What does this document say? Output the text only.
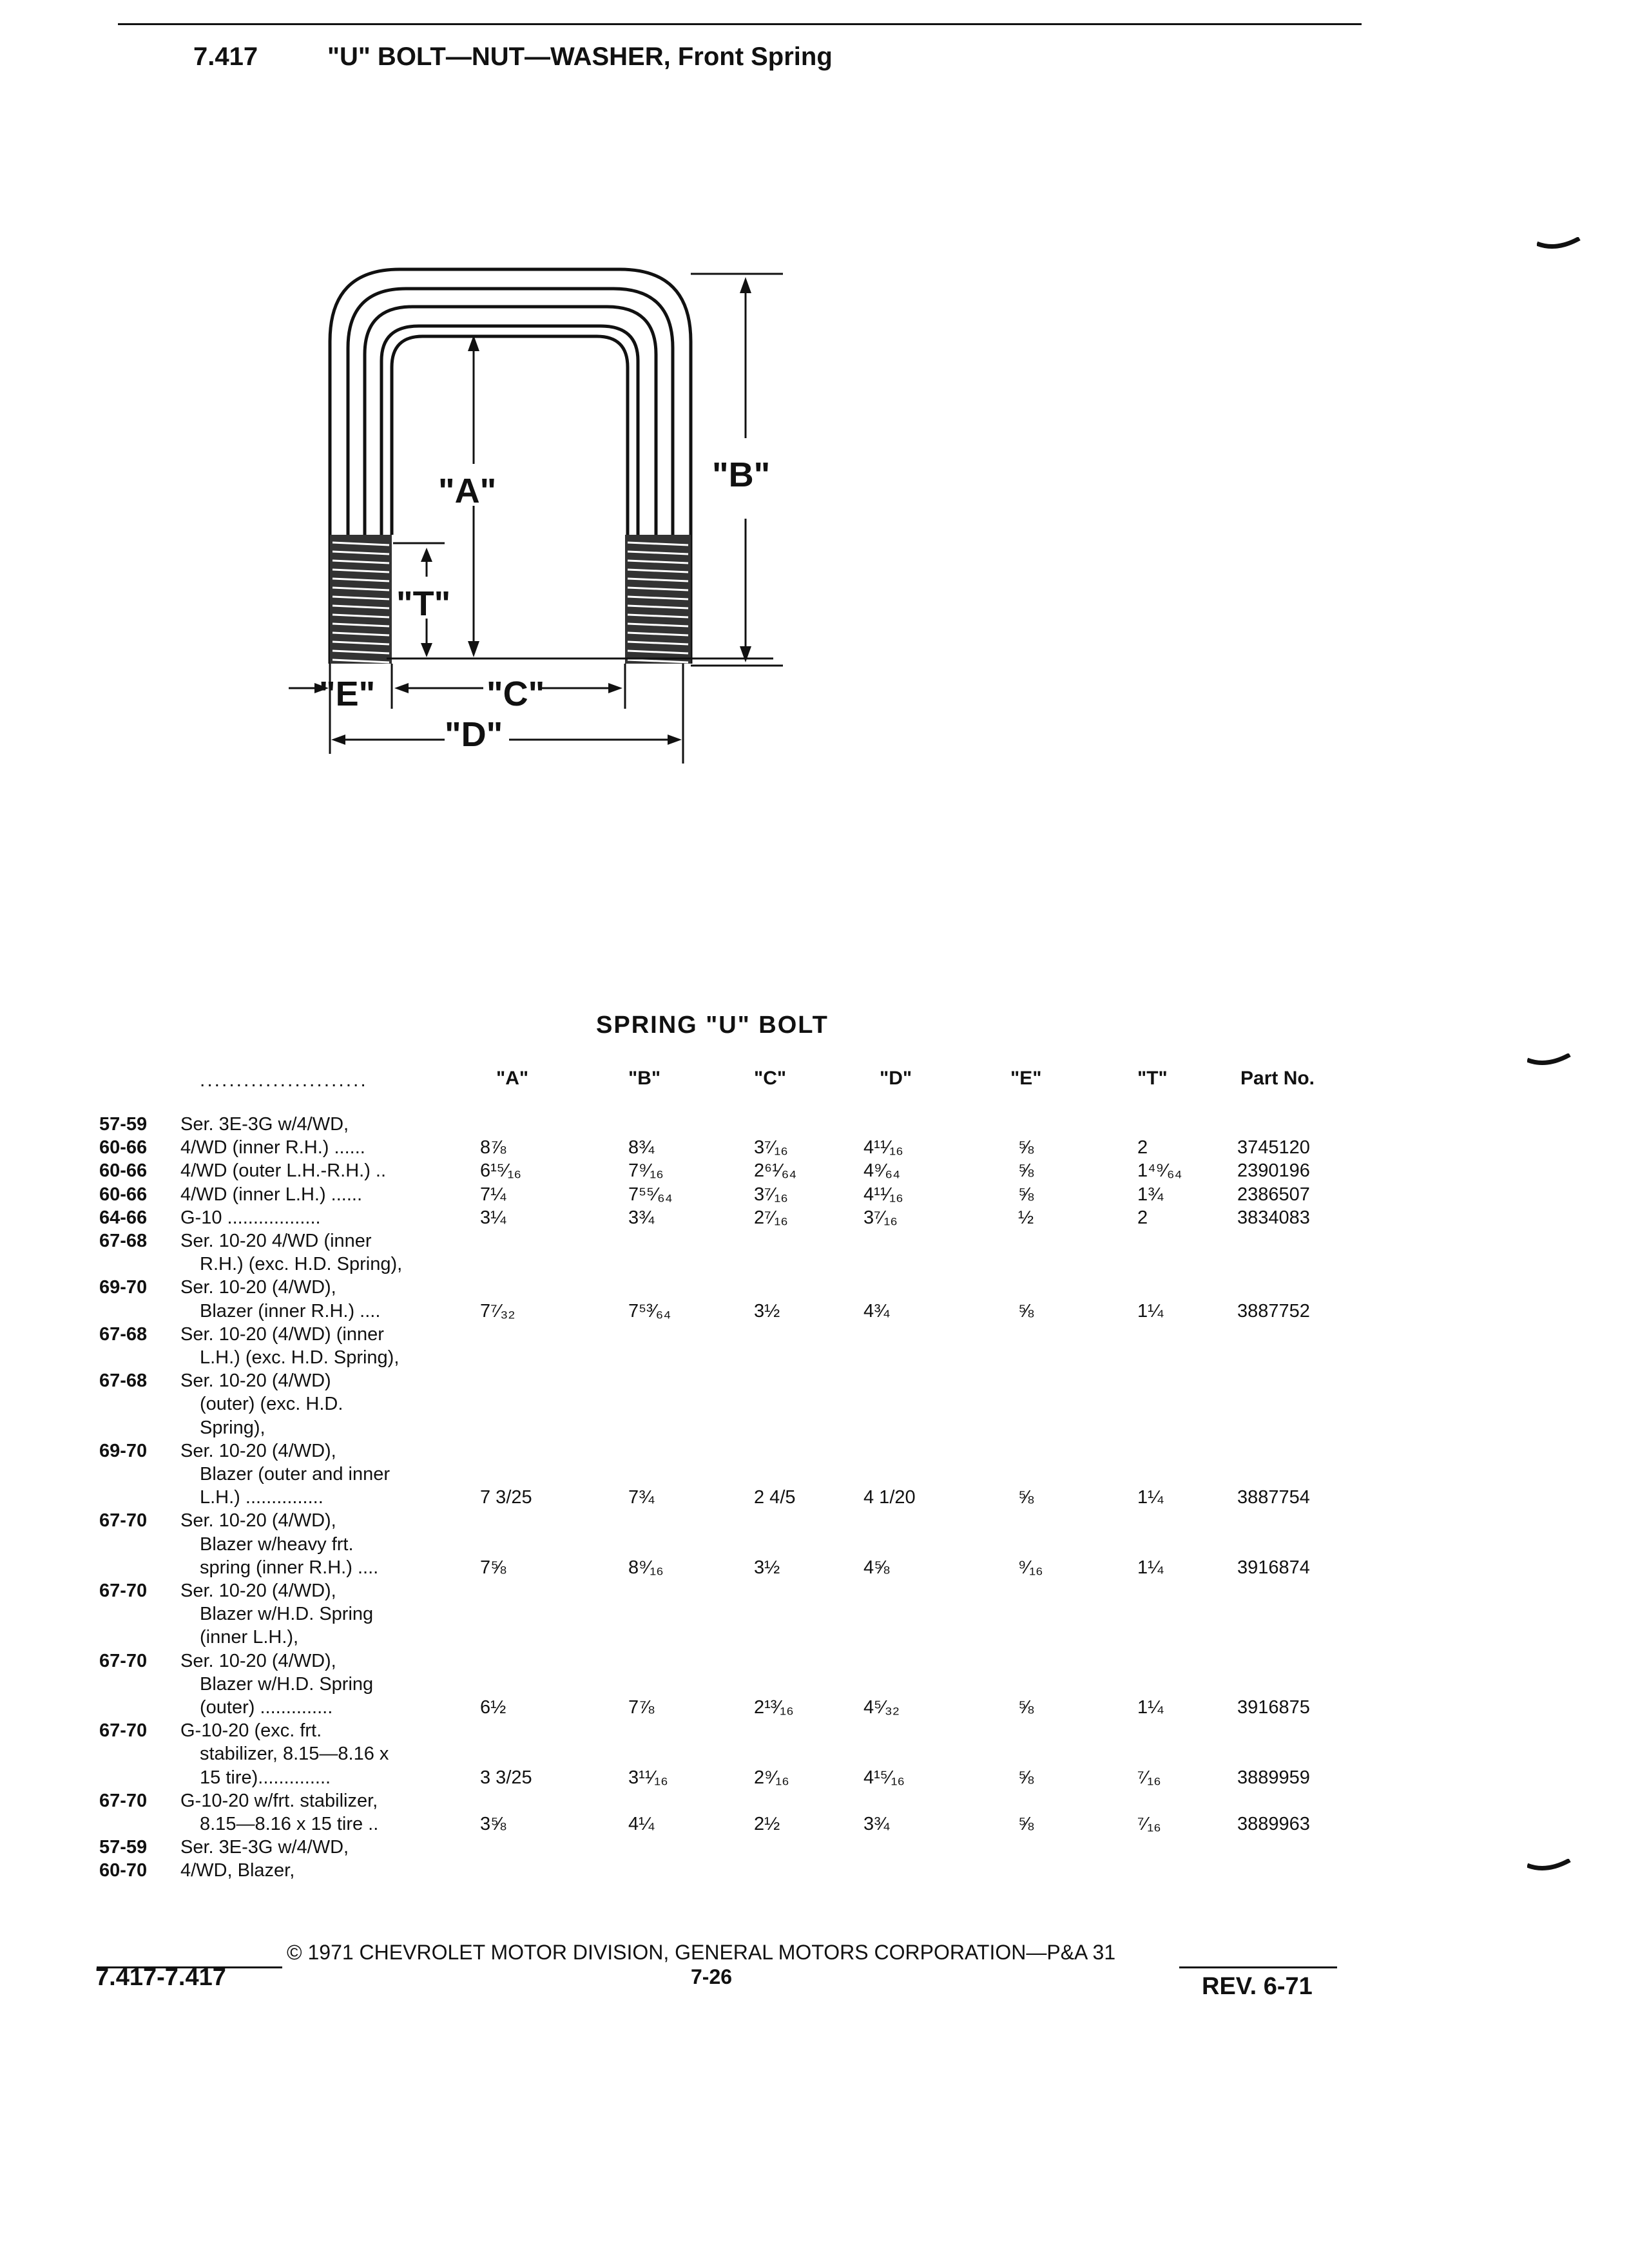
7.417	"U" BOLT—NUT—WASHER, Front Spring
"A"	"B"
"T"
"E"	"C"
"D"
SPRING "U" BOLT
.......................	"A"	"B"	"C"	"D"	"E"	"T"	Part No.
57-59 Ser. 3E-3G w/4/WD,
60-66 4/WD (inner R.H.) ......	8⅞	8¾	3⁷⁄₁₆	4¹¹⁄₁₆	⅝	2	3745120
60-66 4/WD (outer L.H.-R.H.) ..	6¹⁵⁄₁₆	7⁹⁄₁₆	2⁶¹⁄₆₄	4⁹⁄₆₄	⅝	1⁴⁹⁄₆₄	2390196
60-66 4/WD (inner L.H.) ......	7¼	7⁵⁵⁄₆₄	3⁷⁄₁₆	4¹¹⁄₁₆	⅝	1¾	2386507
64-66 G-10 ..................	3¼	3¾	2⁷⁄₁₆	3⁷⁄₁₆	½	2	3834083
67-68 Ser. 10-20 4/WD (inner
R.H.) (exc. H.D. Spring),
69-70 Ser. 10-20 (4/WD),
Blazer (inner R.H.) ....	7⁷⁄₃₂	7⁵³⁄₆₄	3½	4¾	⅝	1¼	3887752
67-68 Ser. 10-20 (4/WD) (inner
L.H.) (exc. H.D. Spring),
67-68 Ser. 10-20 (4/WD)
(outer) (exc. H.D.
Spring),
69-70 Ser. 10-20 (4/WD),
Blazer (outer and inner
L.H.) ...............	7 3/25	7¾	2 4/5	4 1/20	⅝	1¼	3887754
67-70 Ser. 10-20 (4/WD),
Blazer w/heavy frt.
spring (inner R.H.) ....	7⅝	8⁹⁄₁₆	3½	4⅝	⁹⁄₁₆	1¼	3916874
67-70 Ser. 10-20 (4/WD),
Blazer w/H.D. Spring
(inner L.H.),
67-70 Ser. 10-20 (4/WD),
Blazer w/H.D. Spring
(outer) ..............	6½	7⅞	2¹³⁄₁₆	4⁵⁄₃₂	⅝	1¼	3916875
67-70 G-10-20 (exc. frt.
stabilizer, 8.15—8.16 x
15 tire)..............	3 3/25	3¹¹⁄₁₆	2⁹⁄₁₆	4¹⁵⁄₁₆	⅝	⁷⁄₁₆	3889959
67-70 G-10-20 w/frt. stabilizer,
8.15—8.16 x 15 tire ..	3⅝	4¼	2½	3¾	⅝	⁷⁄₁₆	3889963
57-59 Ser. 3E-3G w/4/WD,
60-70 4/WD, Blazer,
© 1971 CHEVROLET MOTOR DIVISION, GENERAL MOTORS CORPORATION—P&A 31
7.417-7.417	7-26	REV. 6-71
